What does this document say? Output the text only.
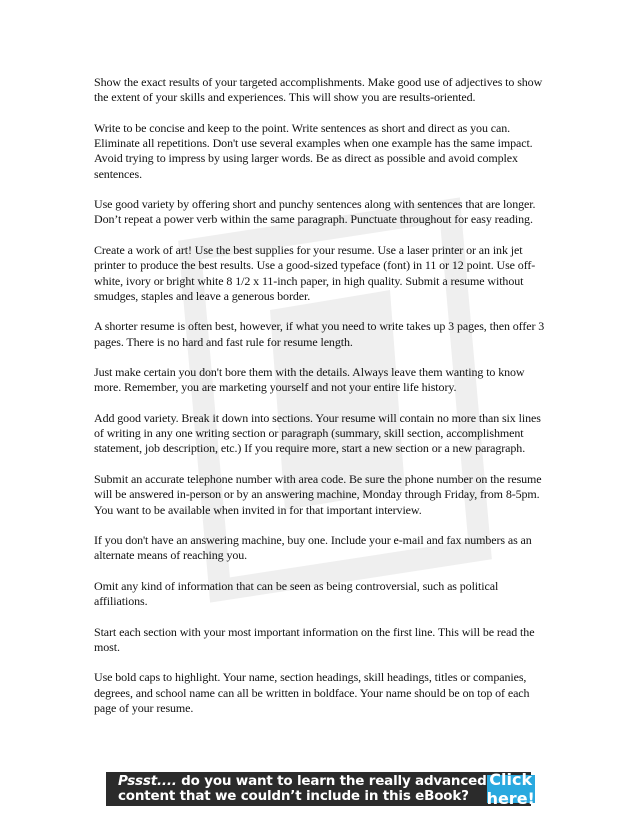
Show the exact results of your targeted accomplishments. Make good use of adjectives to show the extent of your skills and experiences. This will show you are results-oriented.

Write to be concise and keep to the point. Write sentences as short and direct as you can. Eliminate all repetitions. Don't use several examples when one example has the same impact. Avoid trying to impress by using larger words. Be as direct as possible and avoid complex sentences.

Use good variety by offering short and punchy sentences along with sentences that are longer. Don’t repeat a power verb within the same paragraph. Punctuate throughout for easy reading.

Create a work of art! Use the best supplies for your resume. Use a laser printer or an ink jet printer to produce the best results. Use a good-sized typeface (font) in 11 or 12 point. Use off-white, ivory or bright white 8 1/2 x 11-inch paper, in high quality. Submit a resume without smudges, staples and leave a generous border.

A shorter resume is often best, however, if what you need to write takes up 3 pages, then offer 3 pages. There is no hard and fast rule for resume length.

Just make certain you don't bore them with the details. Always leave them wanting to know more. Remember, you are marketing yourself and not your entire life history.

Add good variety. Break it down into sections. Your resume will contain no more than six lines of writing in any one writing section or paragraph (summary, skill section, accomplishment statement, job description, etc.) If you require more, start a new section or a new paragraph.

Submit an accurate telephone number with area code. Be sure the phone number on the resume will be answered in-person or by an answering machine, Monday through Friday, from 8-5pm. You want to be available when invited in for that important interview.

If you don't have an answering machine, buy one. Include your e-mail and fax numbers as an alternate means of reaching you.

Omit any kind of information that can be seen as being controversial, such as political affiliations.

Start each section with your most important information on the first line. This will be read the most.

Use bold caps to highlight. Your name, section headings, skill headings, titles or companies, degrees, and school name can all be written in boldface. Your name should be on top of each page of your resume.

Pssst.... do you want to learn the really advanced
content that we couldn’t include in this eBook?
Click here!
